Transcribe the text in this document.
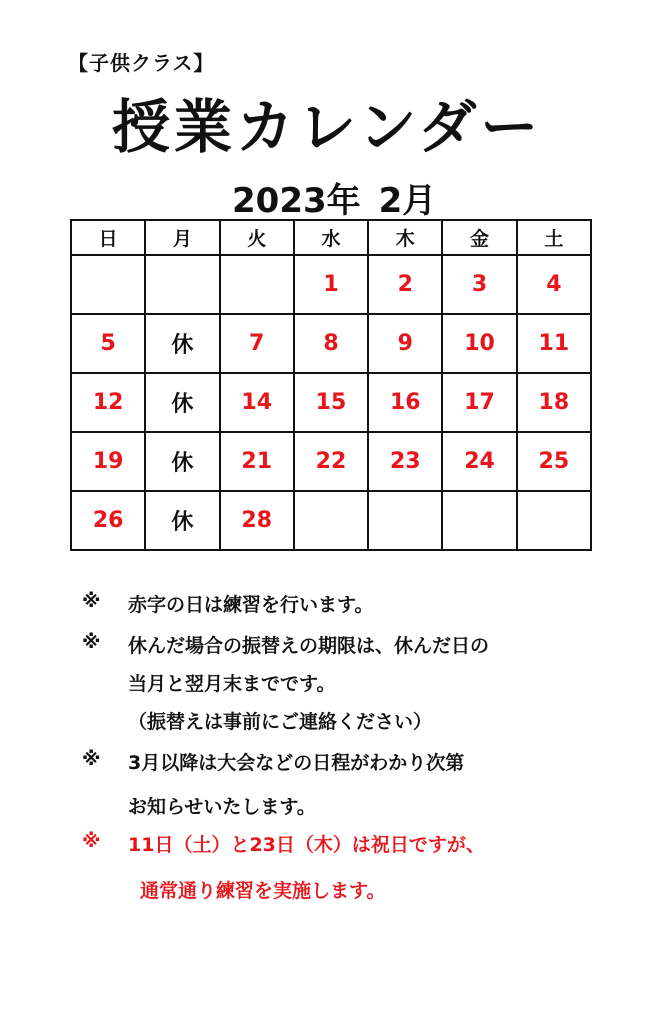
【子供クラス】
授業カレンダー
2023年 2月
日	月	火	水	木	金	土
			1	2	3	4
5	休	7	8	9	10	11
12	休	14	15	16	17	18
19	休	21	22	23	24	25
26	休	28				
※ 赤字の日は練習を行います。
※ 休んだ場合の振替えの期限は、休んだ日の
当月と翌月末までです。
（振替えは事前にご連絡ください）
※ 3月以降は大会などの日程がわかり次第
お知らせいたします。
※ 11日（土）と23日（木）は祝日ですが、
通常通り練習を実施します。
